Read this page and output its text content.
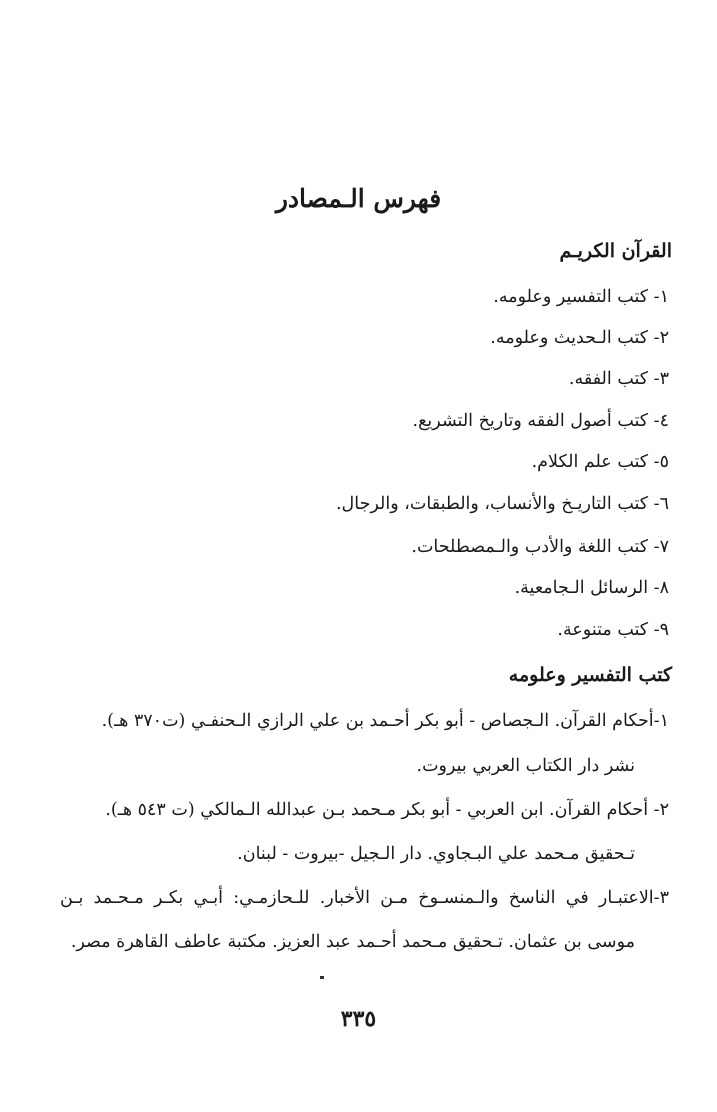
فهرس الـمصادر
القرآن الكريـم
١- كتب التفسير وعلومه.
٢- كتب الـحديث وعلومه.
٣- كتب الفقه.
٤- كتب أصول الفقه وتاريخ التشريع.
٥- كتب علم الكلام.
٦- كتب التاريـخ والأنساب، والطبقات، والرجال.
٧- كتب اللغة والأدب والـمصطلحات.
٨- الرسائل الـجامعية.
٩- كتب متنوعة.
كتب التفسير وعلومه
١-أحكام القرآن. الـجصاص - أبو بكر أحـمد بن علي الرازي الـحنفـي (ت٣٧٠ هـ).
نشر دار الكتاب العربي بيروت.
٢- أحكام القرآن. ابن العربي - أبو بكر مـحمد بـن عبدالله الـمالكي (ت ٥٤٣ هـ).
تـحقيق مـحمد علي البـجاوي. دار الـجيل -بيروت - لبنان.
٣-الاعتبـار في الناسخ والـمنسـوخ مـن الأخبار. للـحازمـي: أبـي بكـر مـحـمد بـن
موسى بن عثمان. تـحقيق مـحمد أحـمد عبد العزيز. مكتبة عاطف القاهرة مصر.
٣٣٥
